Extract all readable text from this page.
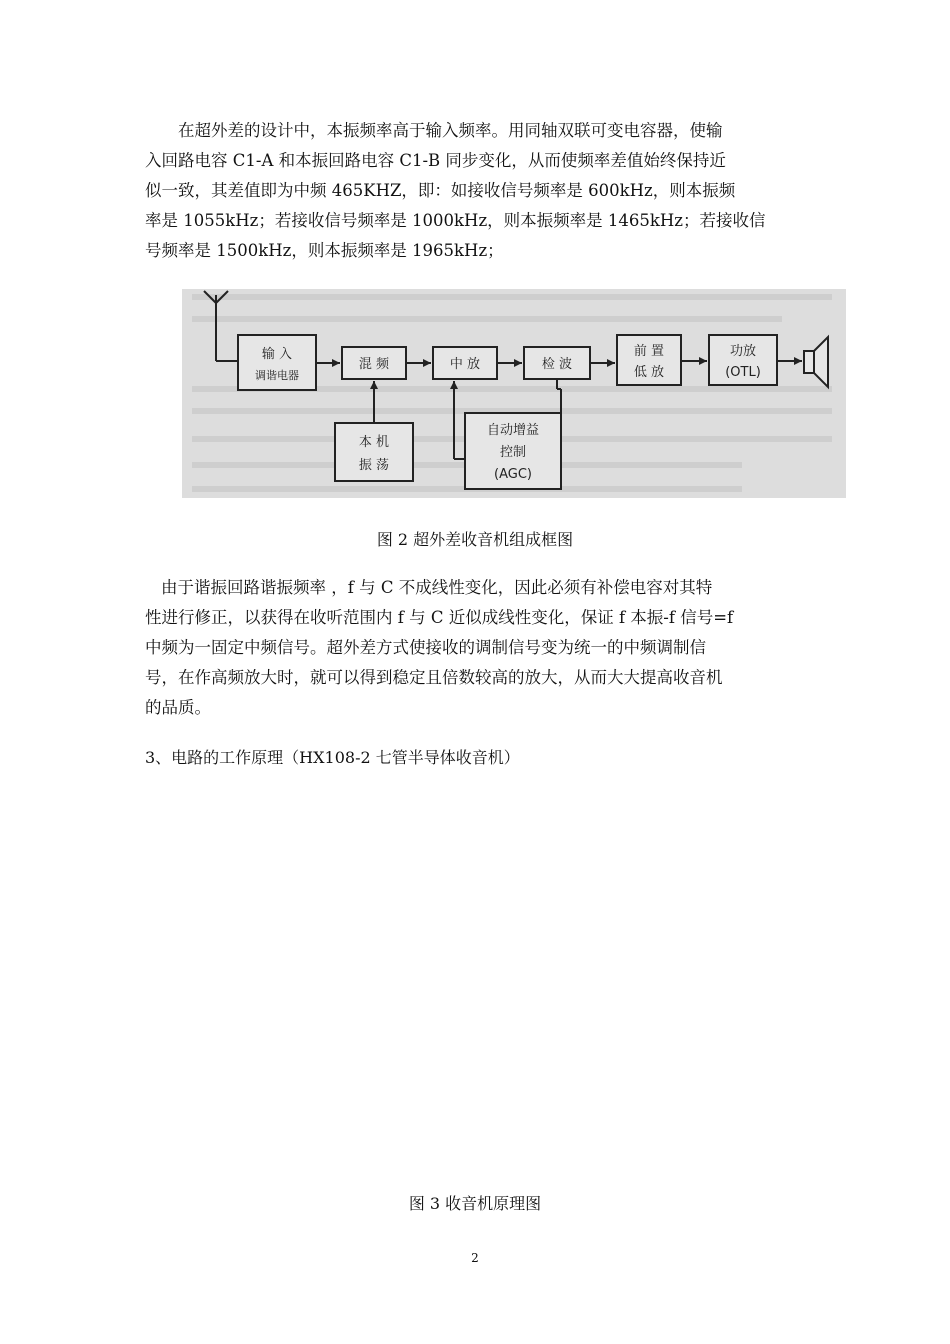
在超外差的设计中，本振频率高于输入频率。用同轴双联可变电容器，使输
入回路电容 C1-A 和本振回路电容 C1-B 同步变化，从而使频率差值始终保持近
似一致，其差值即为中频 465KHZ，即：如接收信号频率是 600kHz，则本振频
率是 1055kHz；若接收信号频率是 1000kHz，则本振频率是 1465kHz；若接收信
号频率是 1500kHz，则本振频率是 1965kHz；
输 入
调谐电器
混 频	中 放	检 波
前 置
低 放
功放
(OTL)
本 机
振 荡
自动增益
控制
(AGC)
图 2 超外差收音机组成框图
由于谐振回路谐振频率 ，f 与 C 不成线性变化，因此必须有补偿电容对其特
性进行修正，以获得在收听范围内 f 与 C 近似成线性变化，保证 f 本振-f 信号=f
中频为一固定中频信号。超外差方式使接收的调制信号变为统一的中频调制信
号，在作高频放大时，就可以得到稳定且倍数较高的放大，从而大大提高收音机
的品质。
3、电路的工作原理（HX108-2 七管半导体收音机）
图 3 收音机原理图
2
